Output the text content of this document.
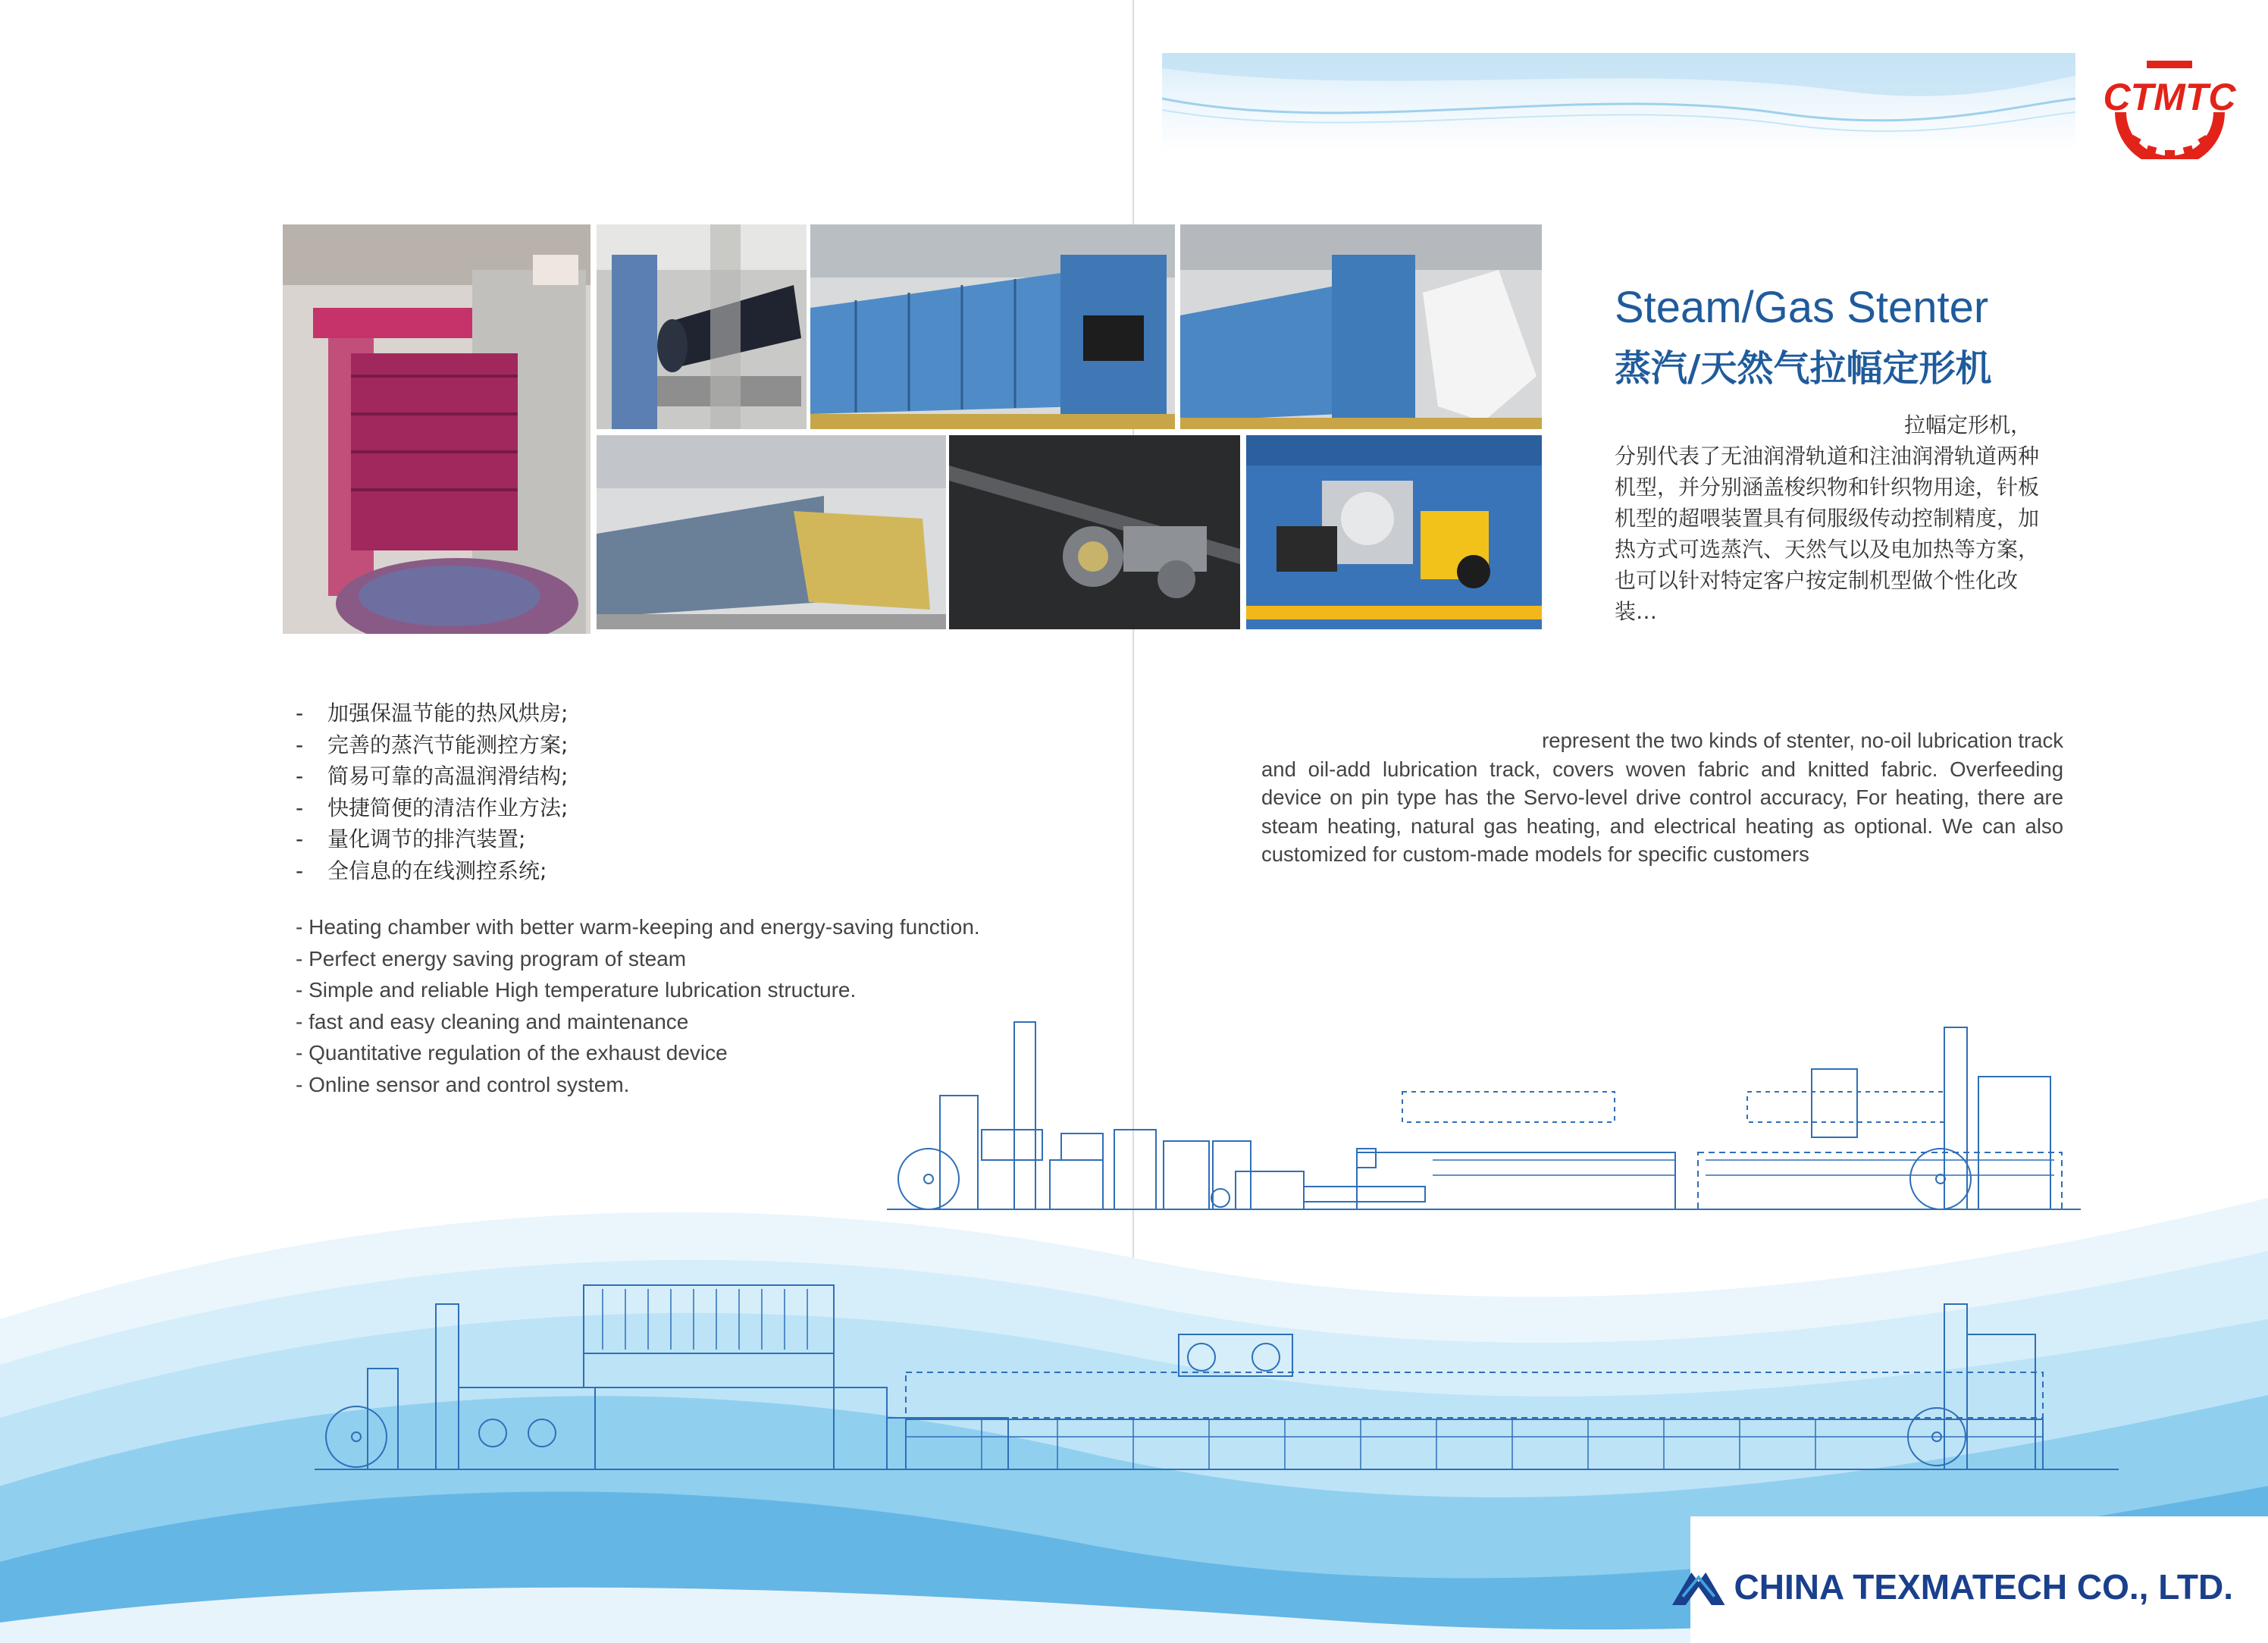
CTMTC
Steam/Gas Stenter
蒸汽/天然气拉幅定形机
拉幅定形机，
分别代表了无油润滑轨道和注油润滑轨道两种机型，并分别涵盖梭织物和针织物用途，针板机型的超喂装置具有伺服级传动控制精度，加热方式可选蒸汽、天然气以及电加热等方案，也可以针对特定客户按定制机型做个性化改装…
- 加强保温节能的热风烘房;
- 完善的蒸汽节能测控方案;
- 简易可靠的高温润滑结构;
- 快捷简便的清洁作业方法;
- 量化调节的排汽装置;
- 全信息的在线测控系统;
- Heating chamber with better warm-keeping and energy-saving function.
- Perfect energy saving program of steam
- Simple and reliable High temperature lubrication structure.
- fast and easy cleaning and maintenance
- Quantitative regulation of the exhaust device
- Online sensor and control system.
represent the two kinds of stenter, no-oil lubrication track
and oil-add lubrication track, covers woven fabric and knitted fabric. Overfeeding device on pin type has the Servo-level drive control accuracy, For heating, there are steam heating, natural gas heating, and electrical heating as optional. We can also customized for custom-made models for specific customers
CHINA TEXMATECH CO., LTD.
